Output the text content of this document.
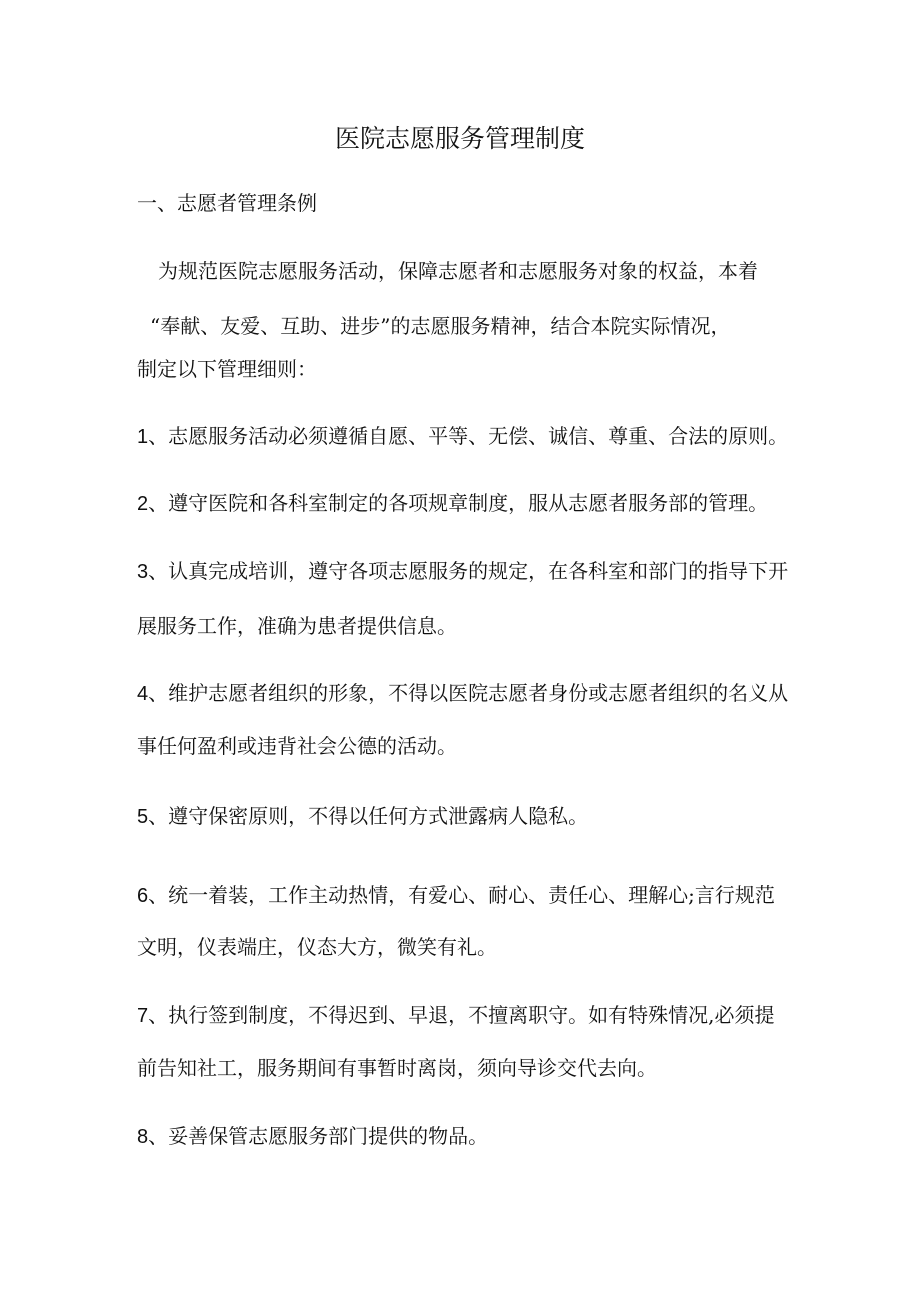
医院志愿服务管理制度
一、志愿者管理条例
为规范医院志愿服务活动，保障志愿者和志愿服务对象的权益，本着
“奉献、友爱、互助、进步”的志愿服务精神，结合本院实际情况，
制定以下管理细则：
1、志愿服务活动必须遵循自愿、平等、无偿、诚信、尊重、合法的原则。
2、遵守医院和各科室制定的各项规章制度，服从志愿者服务部的管理。
3、认真完成培训，遵守各项志愿服务的规定，在各科室和部门的指导下开
展服务工作，准确为患者提供信息。
4、维护志愿者组织的形象，不得以医院志愿者身份或志愿者组织的名义从
事任何盈利或违背社会公德的活动。
5、遵守保密原则，不得以任何方式泄露病人隐私。
6、统一着装，工作主动热情，有爱心、耐心、责任心、理解心;言行规范
文明，仪表端庄，仪态大方，微笑有礼。
7、执行签到制度，不得迟到、早退，不擅离职守。如有特殊情况,必须提
前告知社工，服务期间有事暂时离岗，须向导诊交代去向。
8、妥善保管志愿服务部门提供的物品。
